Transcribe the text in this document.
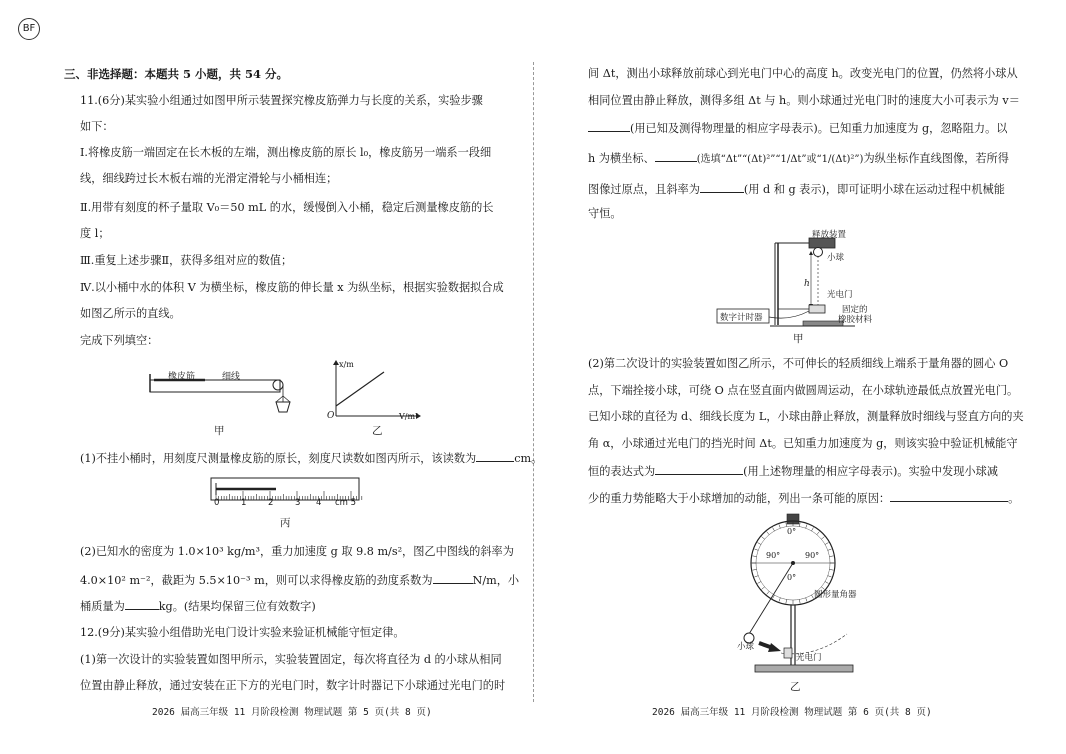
BF
三、非选择题：本题共 5 小题，共 54 分。
11.(6分)某实验小组通过如图甲所示装置探究橡皮筋弹力与长度的关系，实验步骤
如下：
Ⅰ.将橡皮筋一端固定在长木板的左端，测出橡皮筋的原长 l₀，橡皮筋另一端系一段细
线，细线跨过长木板右端的光滑定滑轮与小桶相连；
Ⅱ.用带有刻度的杯子量取 V₀＝50 mL 的水，缓慢倒入小桶，稳定后测量橡皮筋的长
度 l；
Ⅲ.重复上述步骤Ⅱ，获得多组对应的数值；
Ⅳ.以小桶中水的体积 V 为横坐标，橡皮筋的伸长量 x 为纵坐标，根据实验数据拟合成
如图乙所示的直线。
完成下列填空：
橡皮筋	细线
甲
x/m
V/m³
O
乙
(1)不挂小桶时，用刻度尺测量橡皮筋的原长，刻度尺读数如图丙所示，该读数为	cm。
0	1	2	3 4 cm 5
丙
(2)已知水的密度为 1.0×10³ kg/m³，重力加速度 g 取 9.8 m/s²，图乙中图线的斜率为
4.0×10² m⁻²，截距为 5.5×10⁻³ m，则可以求得橡皮筋的劲度系数为	N/m，小
桶质量为	kg。(结果均保留三位有效数字)
12.(9分)某实验小组借助光电门设计实验来验证机械能守恒定律。
(1)第一次设计的实验装置如图甲所示，实验装置固定，每次将直径为 d 的小球从相同
位置由静止释放，通过安装在正下方的光电门时，数字计时器记下小球通过光电门的时
2026 届高三年级 11 月阶段检测 物理试题 第 5 页(共 8 页)
间 Δt，测出小球释放前球心到光电门中心的高度 h。改变光电门的位置，仍然将小球从
相同位置由静止释放，测得多组 Δt 与 h。则小球通过光电门时的速度大小可表示为 v＝
(用已知及测得物理量的相应字母表示)。已知重力加速度为 g，忽略阻力。以
h 为横坐标、	(选填“Δt”“(Δt)²”“1/Δt”或“1/(Δt)²”)为纵坐标作直线图像，若所得
图像过原点，且斜率为	(用 d 和 g 表示)，即可证明小球在运动过程中机械能
守恒。
释放装置
小球
h
光电门
固定的
橡胶材料
数字计时器
甲
(2)第二次设计的实验装置如图乙所示，不可伸长的轻质细线上端系于量角器的圆心 O
点，下端拴接小球，可绕 O 点在竖直面内做圆周运动，在小球轨迹最低点放置光电门。
已知小球的直径为 d、细线长度为 L，小球由静止释放，测量释放时细线与竖直方向的夹
角 α，小球通过光电门的挡光时间 Δt。已知重力加速度为 g，则该实验中验证机械能守
恒的表达式为	(用上述物理量的相应字母表示)。实验中发现小球减
少的重力势能略大于小球增加的动能，列出一条可能的原因：	。
0°
90°	90°
0°
圆形量角器
小球
光电门
乙
2026 届高三年级 11 月阶段检测 物理试题 第 6 页(共 8 页)
